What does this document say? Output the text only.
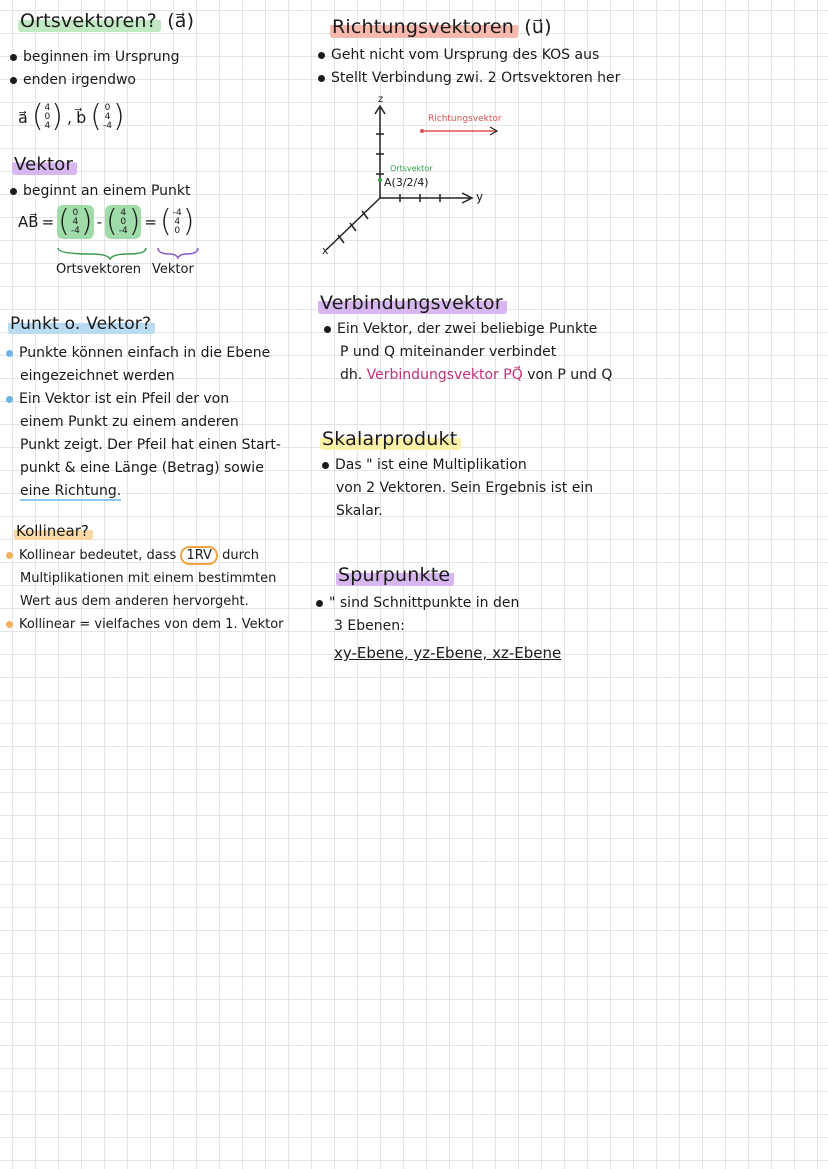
Ortsvektoren? (a⃗)
beginnen im Ursprung
enden irgendwo
a⃗ ( 4
0
4 ) , b⃗ ( 0
4
-4 )
Vektor
beginnt an einem Punkt
AB⃗ = ( 0
4
-4 ) - ( 4
0
-4 ) = ( -4
4
0 )
Ortsvektoren Vektor
Punkt o. Vektor?
Punkte können einfach in die Ebene
eingezeichnet werden
Ein Vektor ist ein Pfeil der von
einem Punkt zu einem anderen
Punkt zeigt. Der Pfeil hat einen Start-
punkt & eine Länge (Betrag) sowie
eine Richtung.
Kollinear?
Kollinear bedeutet, dass 1RV durch
Multiplikationen mit einem bestimmten
Wert aus dem anderen hervorgeht.
Kollinear = vielfaches von dem 1. Vektor
Richtungsvektoren (u⃗)
Geht nicht vom Ursprung des KOS aus
Stellt Verbindung zwi. 2 Ortsvektoren her
z
y
x
Richtungsvektor
Ortsvektor
A(3/2/4)
Verbindungsvektor
Ein Vektor, der zwei beliebige Punkte
P und Q miteinander verbindet
dh. Verbindungsvektor PQ⃗ von P und Q
Skalarprodukt
Das " ist eine Multiplikation
von 2 Vektoren. Sein Ergebnis ist ein
Skalar.
Spurpunkte
" sind Schnittpunkte in den
3 Ebenen:
xy-Ebene, yz-Ebene, xz-Ebene
